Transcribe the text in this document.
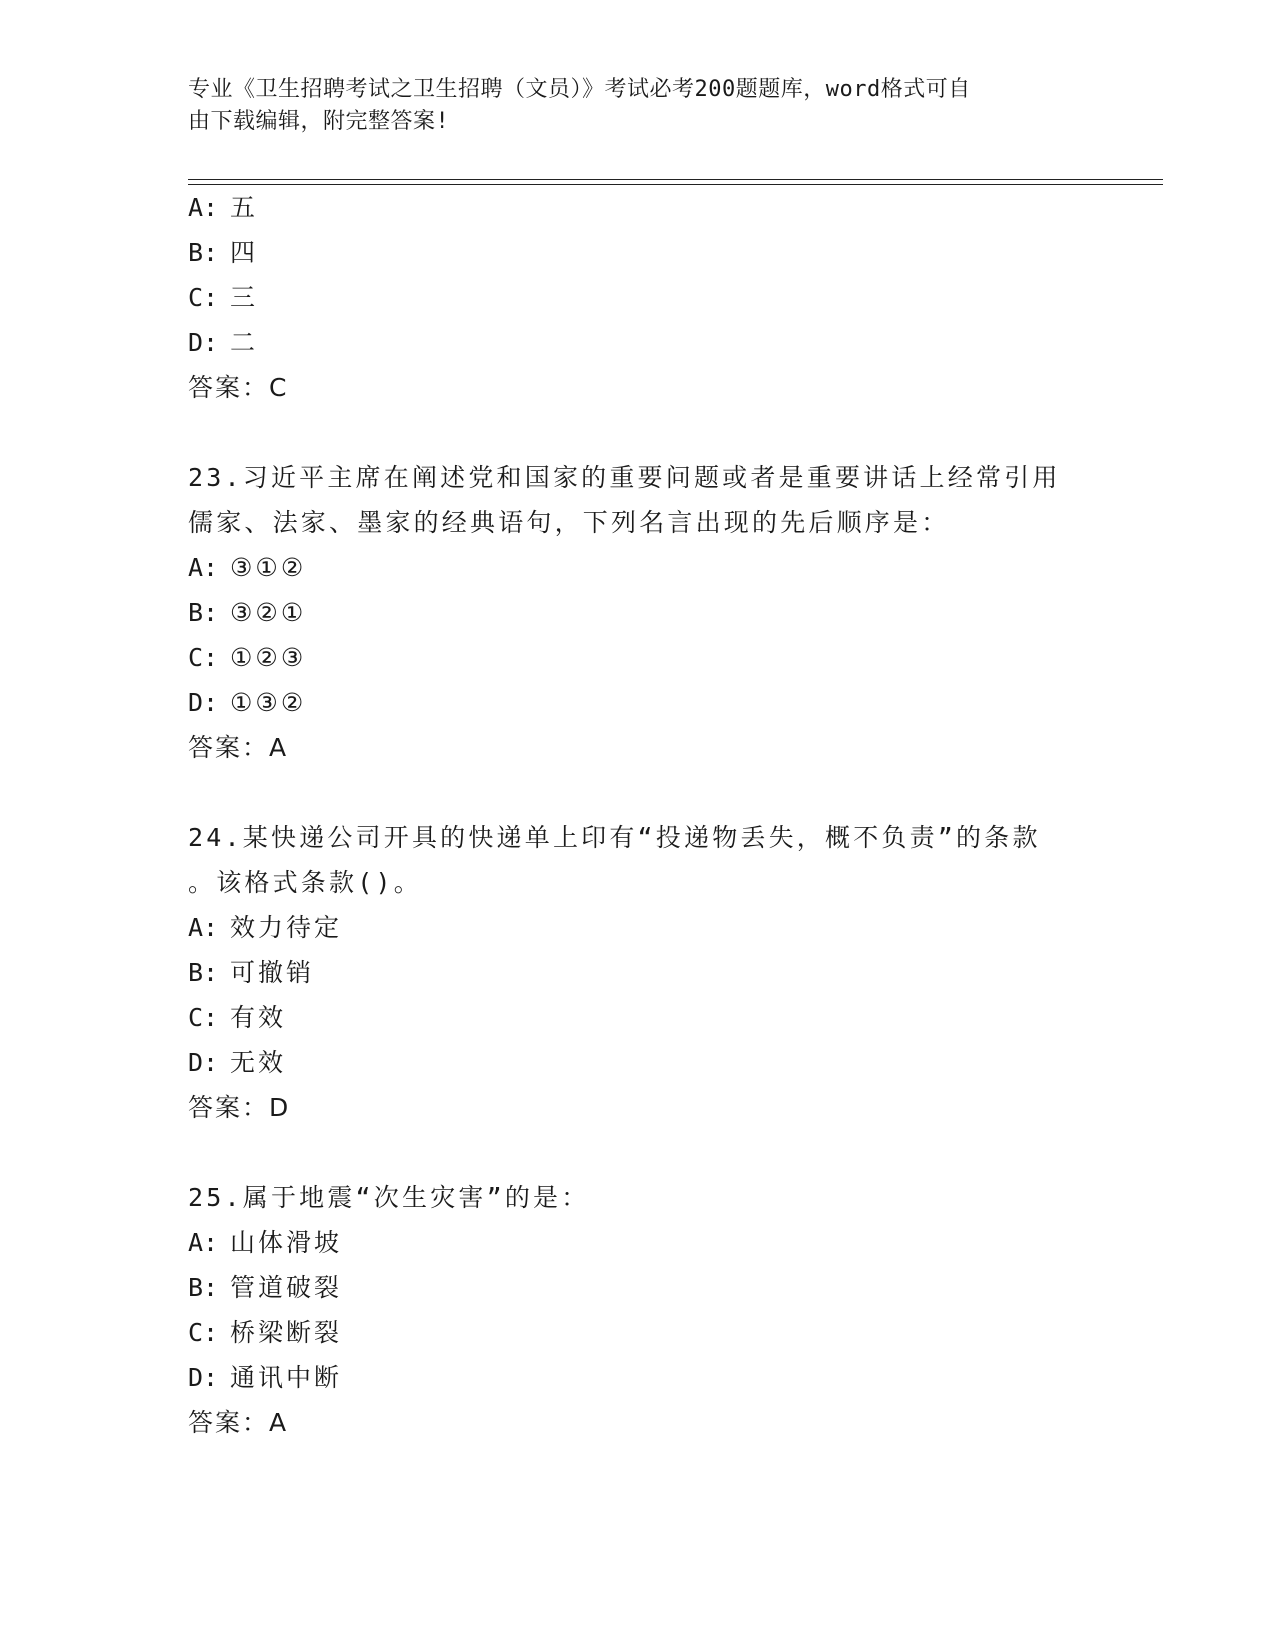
专业《卫生招聘考试之卫生招聘（文员）》考试必考200题题库，word格式可自
由下载编辑，附完整答案!
A: 五
B: 四
C: 三
D: 二
答案：C
23.习近平主席在阐述党和国家的重要问题或者是重要讲话上经常引用
儒家、法家、墨家的经典语句，下列名言出现的先后顺序是：
A: ③①②
B: ③②①
C: ①②③
D: ①③②
答案：A
24.某快递公司开具的快递单上印有“投递物丢失，概不负责”的条款
。该格式条款()。
A: 效力待定
B: 可撤销
C: 有效
D: 无效
答案：D
25.属于地震“次生灾害”的是：
A: 山体滑坡
B: 管道破裂
C: 桥梁断裂
D: 通讯中断
答案：A
